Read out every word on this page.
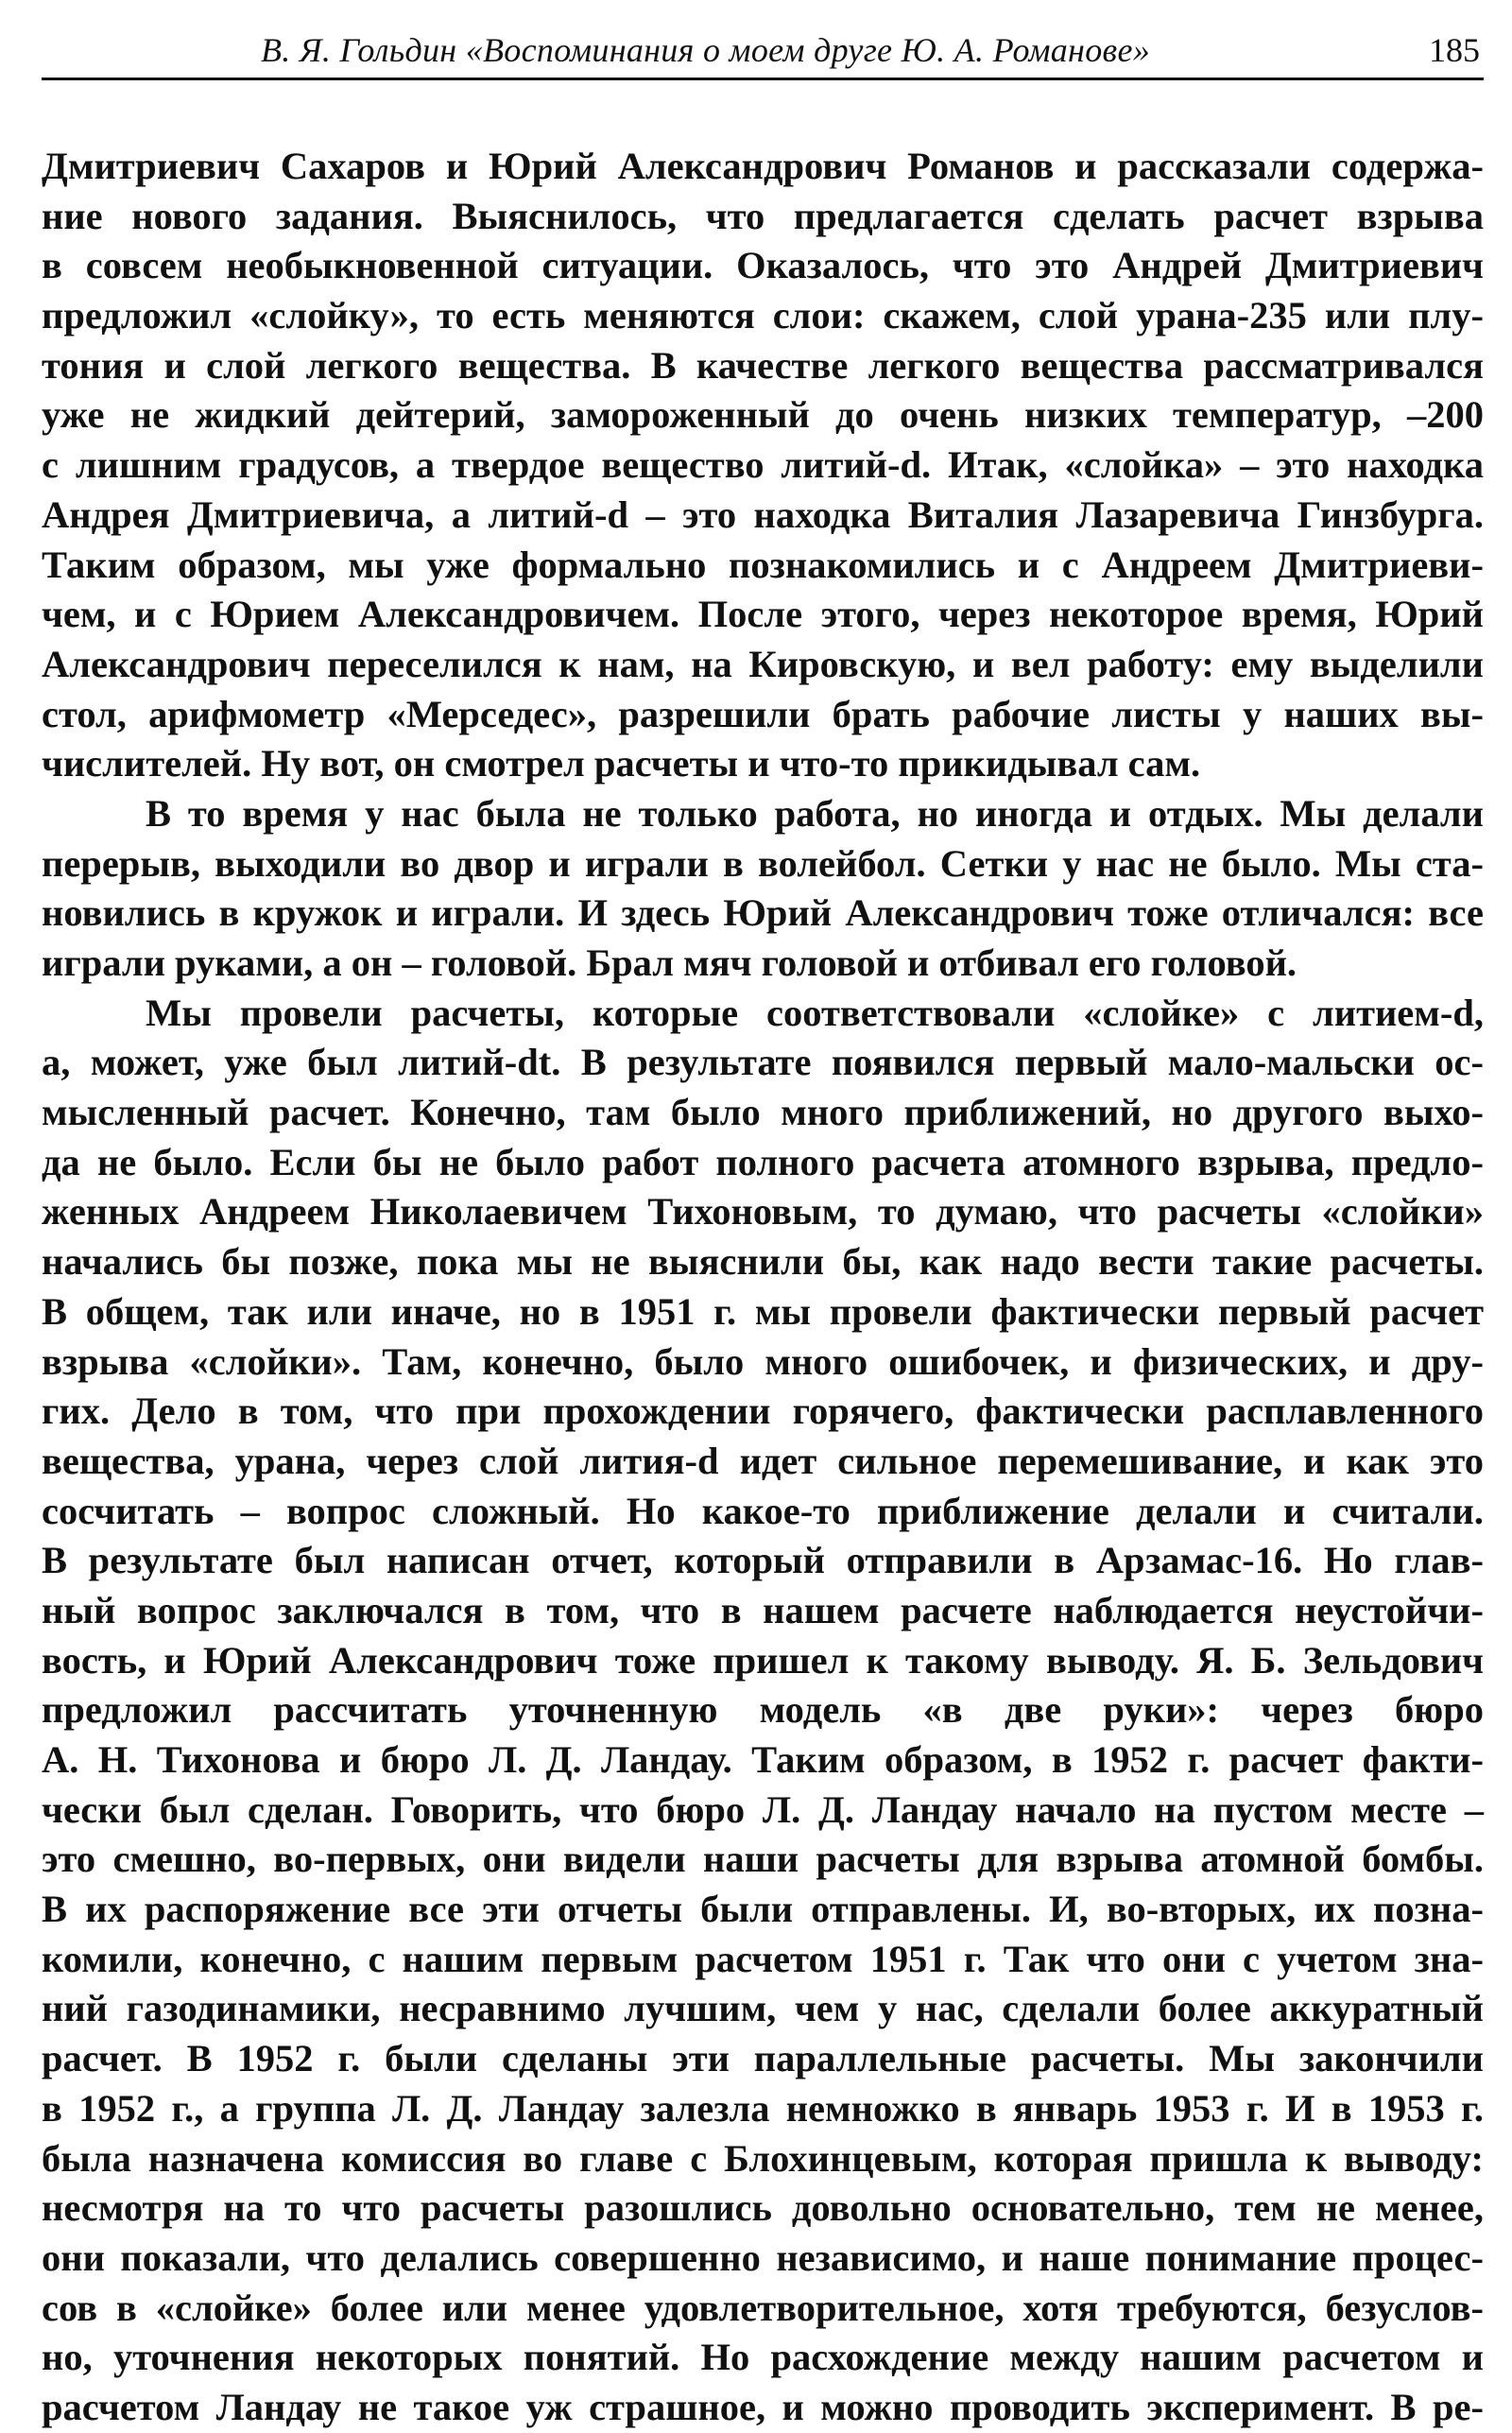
В. Я. Гольдин «Воспоминания о моем друге Ю. А. Романове»	185
Дмитриевич Сахаров и Юрий Александрович Романов и рассказали содержа-
ние нового задания. Выяснилось, что предлагается сделать расчет взрыва
в совсем необыкновенной ситуации. Оказалось, что это Андрей Дмитриевич
предложил «слойку», то есть меняются слои: скажем, слой урана-235 или плу-
тония и слой легкого вещества. В качестве легкого вещества рассматривался
уже не жидкий дейтерий, замороженный до очень низких температур, –200
с лишним градусов, а твердое вещество литий-d. Итак, «слойка» – это находка
Андрея Дмитриевича, а литий-d – это находка Виталия Лазаревича Гинзбурга.
Таким образом, мы уже формально познакомились и с Андреем Дмитриеви-
чем, и с Юрием Александровичем. После этого, через некоторое время, Юрий
Александрович переселился к нам, на Кировскую, и вел работу: ему выделили
стол, арифмометр «Мерседес», разрешили брать рабочие листы у наших вы-
числителей. Ну вот, он смотрел расчеты и что-то прикидывал сам.
В то время у нас была не только работа, но иногда и отдых. Мы делали
перерыв, выходили во двор и играли в волейбол. Сетки у нас не было. Мы ста-
новились в кружок и играли. И здесь Юрий Александрович тоже отличался: все
играли руками, а он – головой. Брал мяч головой и отбивал его головой.
Мы провели расчеты, которые соответствовали «слойке» с литием-d,
а, может, уже был литий-dt. В результате появился первый мало-мальски ос-
мысленный расчет. Конечно, там было много приближений, но другого выхо-
да не было. Если бы не было работ полного расчета атомного взрыва, предло-
женных Андреем Николаевичем Тихоновым, то думаю, что расчеты «слойки»
начались бы позже, пока мы не выяснили бы, как надо вести такие расчеты.
В общем, так или иначе, но в 1951 г. мы провели фактически первый расчет
взрыва «слойки». Там, конечно, было много ошибочек, и физических, и дру-
гих. Дело в том, что при прохождении горячего, фактически расплавленного
вещества, урана, через слой лития-d идет сильное перемешивание, и как это
сосчитать – вопрос сложный. Но какое-то приближение делали и считали.
В результате был написан отчет, который отправили в Арзамас-16. Но глав-
ный вопрос заключался в том, что в нашем расчете наблюдается неустойчи-
вость, и Юрий Александрович тоже пришел к такому выводу. Я. Б. Зельдович
предложил рассчитать уточненную модель «в две руки»: через бюро
А. Н. Тихонова и бюро Л. Д. Ландау. Таким образом, в 1952 г. расчет факти-
чески был сделан. Говорить, что бюро Л. Д. Ландау начало на пустом месте –
это смешно, во-первых, они видели наши расчеты для взрыва атомной бомбы.
В их распоряжение все эти отчеты были отправлены. И, во-вторых, их позна-
комили, конечно, с нашим первым расчетом 1951 г. Так что они с учетом зна-
ний газодинамики, несравнимо лучшим, чем у нас, сделали более аккуратный
расчет. В 1952 г. были сделаны эти параллельные расчеты. Мы закончили
в 1952 г., а группа Л. Д. Ландау залезла немножко в январь 1953 г. И в 1953 г.
была назначена комиссия во главе с Блохинцевым, которая пришла к выводу:
несмотря на то что расчеты разошлись довольно основательно, тем не менее,
они показали, что делались совершенно независимо, и наше понимание процес-
сов в «слойке» более или менее удовлетворительное, хотя требуются, безуслов-
но, уточнения некоторых понятий. Но расхождение между нашим расчетом и
расчетом Ландау не такое уж страшное, и можно проводить эксперимент. В ре-
